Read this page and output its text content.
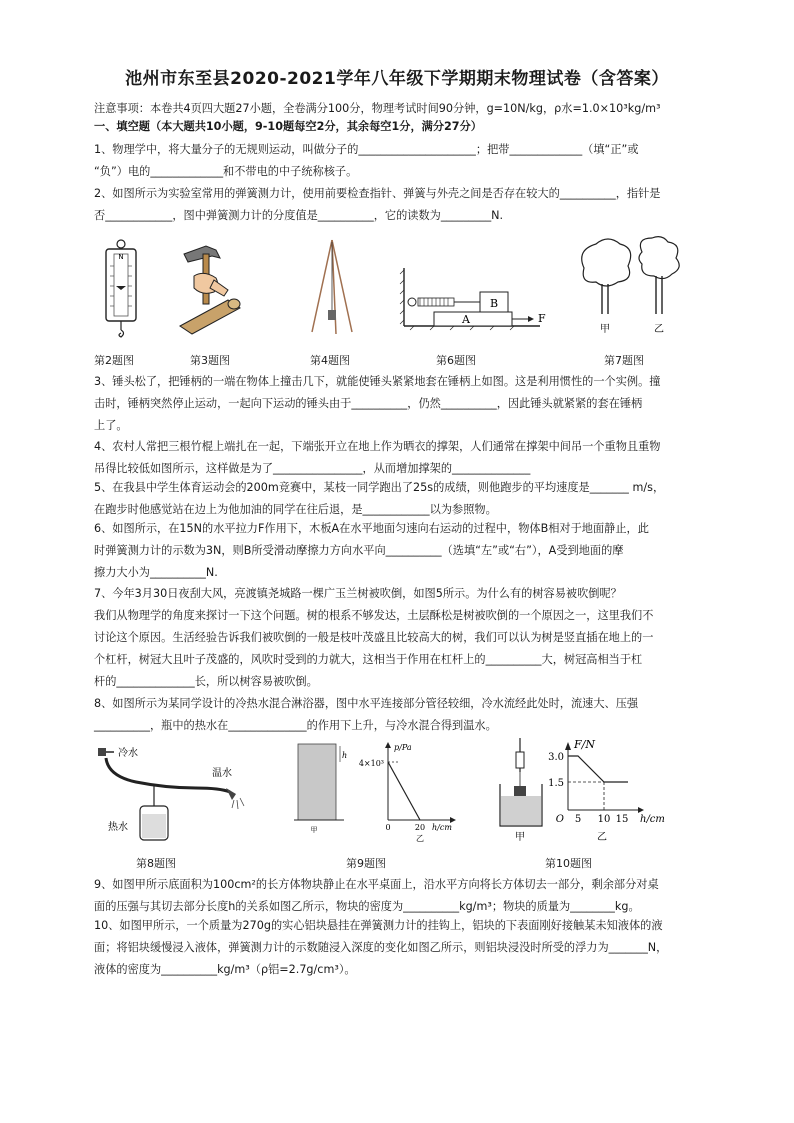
池州市东至县2020-2021学年八年级下学期期末物理试卷（含答案）
注意事项：本卷共4页四大题27小题，全卷满分100分，物理考试时间90分钟，g=10N/kg，ρ水=1.0×10³kg/m³
一、填空题（本大题共10小题，9-10题每空2分，其余每空1分，满分27分）
1、物理学中，将大量分子的无规则运动，叫做分子的_____________________；把带_____________（填“正”或
“负”）电的_____________和不带电的中子统称核子。
2、如图所示为实验室常用的弹簧测力计，使用前要检查指针、弹簧与外壳之间是否存在较大的__________，指针是
否____________，图中弹簧测力计的分度值是__________，它的读数为_________N.
N
B
A	F
甲	乙
第2题图	第3题图	第4题图	第6题图	第7题图
3、锤头松了，把锤柄的一端在物体上撞击几下，就能使锤头紧紧地套在锤柄上如图。这是利用惯性的一个实例。撞
击时，锤柄突然停止运动，一起向下运动的锤头由于__________，仍然__________，因此锤头就紧紧的套在锤柄
上了。
4、农村人常把三根竹棍上端扎在一起，下端张开立在地上作为晒衣的撑架，人们通常在撑架中间吊一个重物且重物
吊得比较低如图所示，这样做是为了________________，从而增加撑架的______________
5、在我县中学生体育运动会的200m竞赛中，某枝一同学跑出了25s的成绩，则他跑步的平均速度是_______ m/s，
在跑步时他感觉站在边上为他加油的同学在往后退，是____________以为参照物。
6、如图所示，在15N的水平拉力F作用下，木板A在水平地面匀速向右运动的过程中，物体B相对于地面静止，此
时弹簧测力计的示数为3N，则B所受滑动摩擦力方向水平向__________（选填“左”或“右”），A受到地面的摩
擦力大小为__________N.
7、今年3月30日夜刮大风，亮渡镇尧城路一棵广玉兰树被吹倒，如图5所示。为什么有的树容易被吹倒呢？
我们从物理学的角度来探讨一下这个问题。树的根系不够发达，土层酥松是树被吹倒的一个原因之一，这里我们不
讨论这个原因。生活经验告诉我们被吹倒的一般是枝叶茂盛且比较高大的树，我们可以认为树是竖直插在地上的一
个杠杆，树冠大且叶子茂盛的，风吹时受到的力就大，这相当于作用在杠杆上的__________大，树冠高相当于杠
杆的______________长，所以树容易被吹倒。
8、如图所示为某同学设计的冷热水混合淋浴器，图中水平连接部分管径较细，冷水流经此处时，流速大、压强
__________，瓶中的热水在______________的作用下上升，与冷水混合得到温水。
冷水
温水
热水
h
甲
p/Pa
4×10³
0	20 h/cm
乙	甲
F/N
3.0
1.5
O 5 10 15 h/cm
乙
第8题图	第9题图	第10题图
9、如图甲所示底面积为100cm²的长方体物块静止在水平桌面上，沿水平方向将长方体切去一部分，剩余部分对桌
面的压强与其切去部分长度h的关系如图乙所示，物块的密度为__________kg/m³；物块的质量为________kg。
10、如图甲所示，一个质量为270g的实心铝块悬挂在弹簧测力计的挂钩上，铝块的下表面刚好接触某未知液体的液
面；将铝块缓慢浸入液体，弹簧测力计的示数随浸入深度的变化如图乙所示，则铝块浸没时所受的浮力为_______N，
液体的密度为__________kg/m³（ρ铝=2.7g/cm³）。
